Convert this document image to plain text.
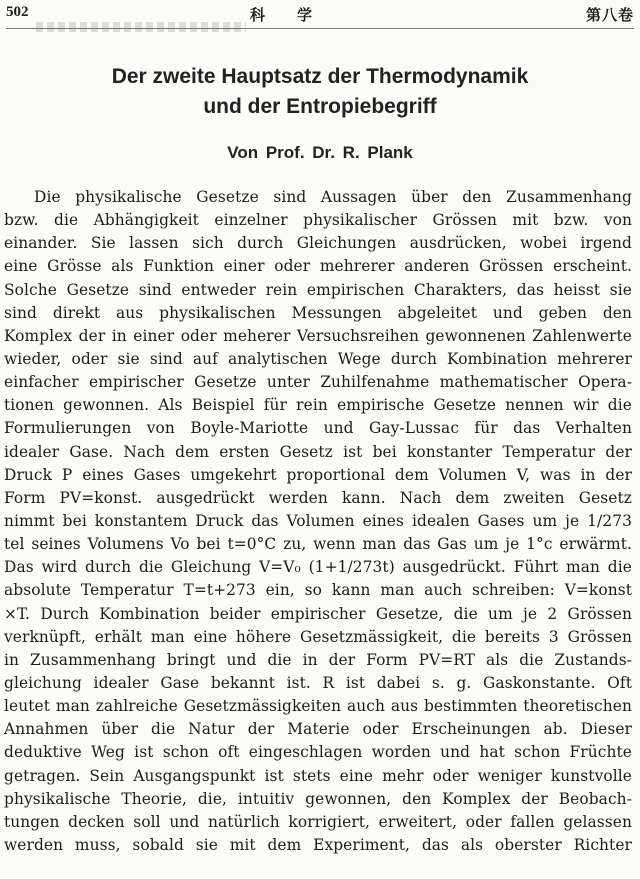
502	科学	第八卷
Der zweite Hauptsatz der Thermodynamik
und der Entropiebegriff
Von Prof. Dr. R. Plank
Die physikalische Gesetze sind Aussagen über den Zusammenhang
bzw. die Abhängigkeit einzelner physikalischer Grössen mit bzw. von
einander. Sie lassen sich durch Gleichungen ausdrücken, wobei irgend
eine Grösse als Funktion einer oder mehrerer anderen Grössen erscheint.
Solche Gesetze sind entweder rein empirischen Charakters, das heisst sie
sind direkt aus physikalischen Messungen abgeleitet und geben den
Komplex der in einer oder meherer Versuchsreihen gewonnenen Zahlenwerte
wieder, oder sie sind auf analytischen Wege durch Kombination mehrerer
einfacher empirischer Gesetze unter Zuhilfenahme mathematischer Opera-
tionen gewonnen. Als Beispiel für rein empirische Gesetze nennen wir die
Formulierungen von Boyle-Mariotte und Gay-Lussac für das Verhalten
idealer Gase. Nach dem ersten Gesetz ist bei konstanter Temperatur der
Druck P eines Gases umgekehrt proportional dem Volumen V, was in der
Form PV=konst. ausgedrückt werden kann. Nach dem zweiten Gesetz
nimmt bei konstantem Druck das Volumen eines idealen Gases um je 1/273
tel seines Volumens Vo bei t=0°C zu, wenn man das Gas um je 1°c erwärmt.
Das wird durch die Gleichung V=V₀ (1+1/273t) ausgedrückt. Führt man die
absolute Temperatur T=t+273 ein, so kann man auch schreiben: V=konst
×T. Durch Kombination beider empirischer Gesetze, die um je 2 Grössen
verknüpft, erhält man eine höhere Gesetzmässigkeit, die bereits 3 Grössen
in Zusammenhang bringt und die in der Form PV=RT als die Zustands-
gleichung idealer Gase bekannt ist. R ist dabei s. g. Gaskonstante. Oft
leutet man zahlreiche Gesetzmässigkeiten auch aus bestimmten theoretischen
Annahmen über die Natur der Materie oder Erscheinungen ab. Dieser
deduktive Weg ist schon oft eingeschlagen worden und hat schon Früchte
getragen. Sein Ausgangspunkt ist stets eine mehr oder weniger kunstvolle
physikalische Theorie, die, intuitiv gewonnen, den Komplex der Beobach-
tungen decken soll und natürlich korrigiert, erweitert, oder fallen gelassen
werden muss, sobald sie mit dem Experiment, das als oberster Richter
